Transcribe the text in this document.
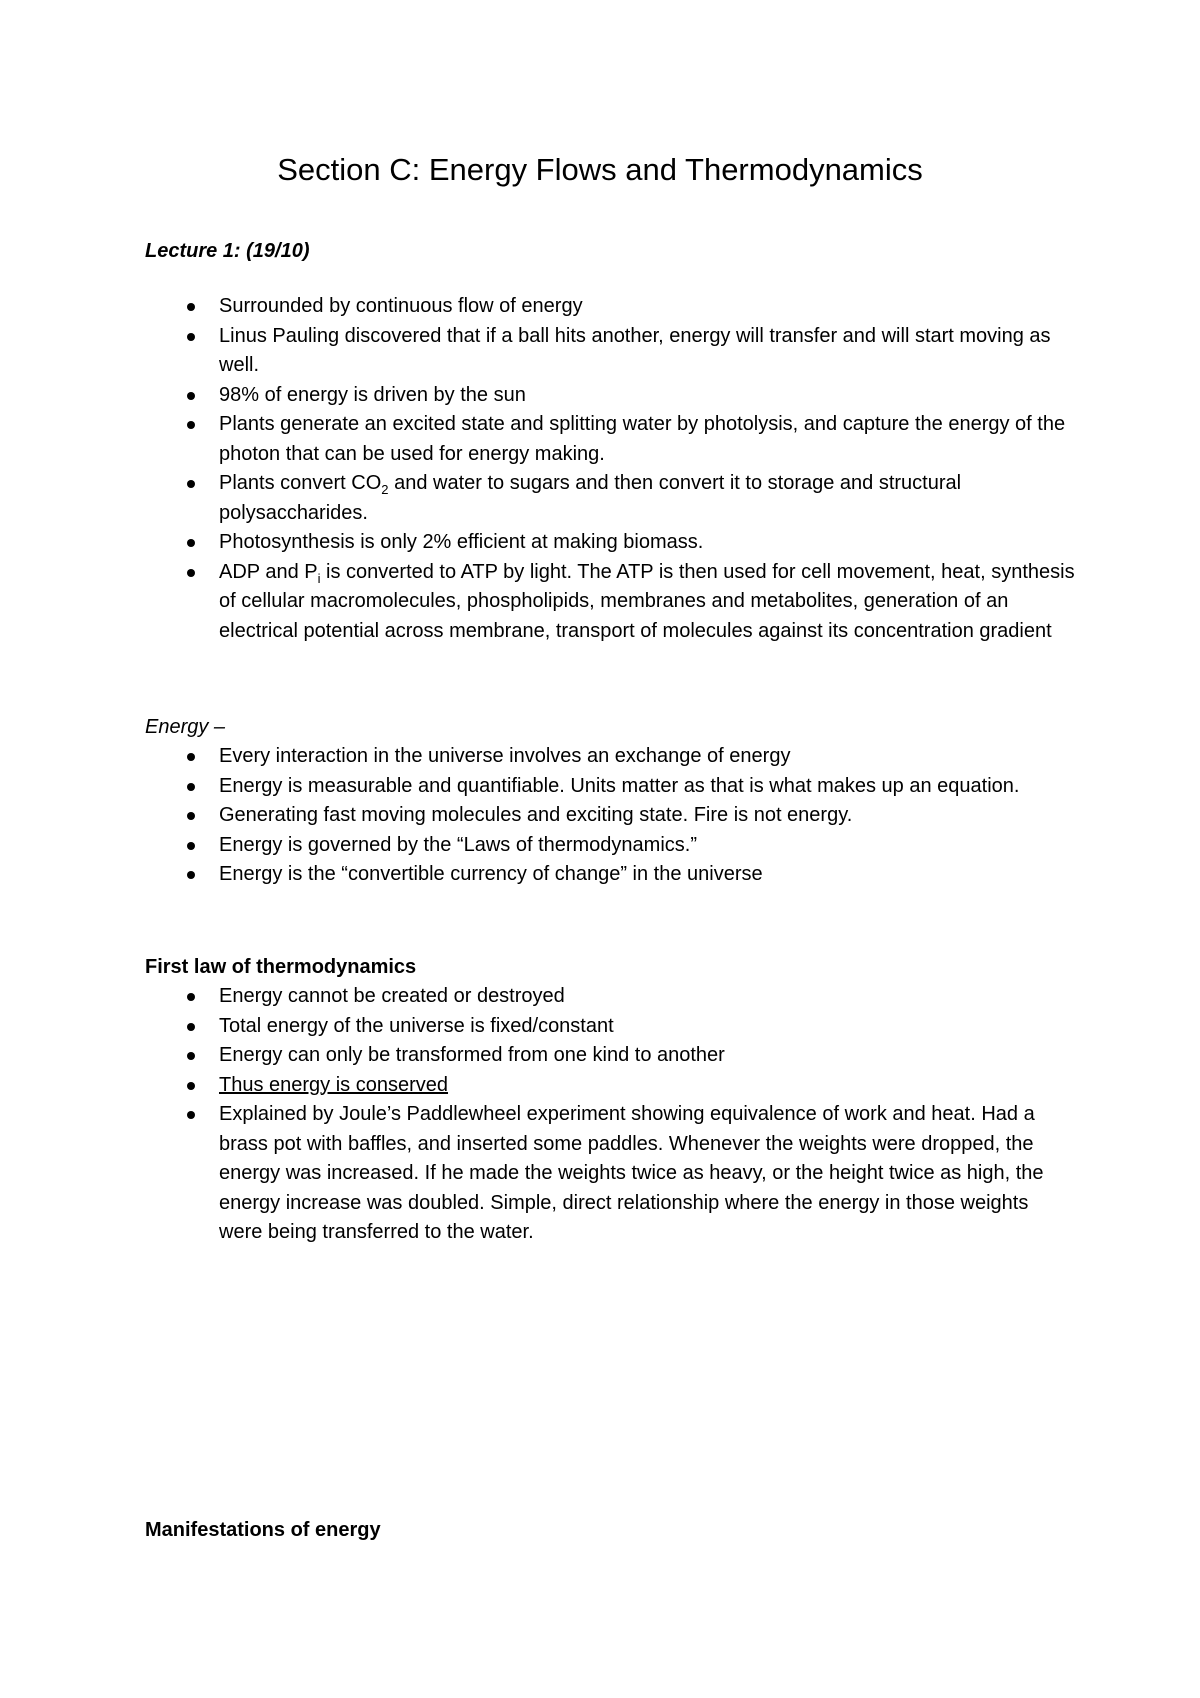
Section C: Energy Flows and Thermodynamics
Lecture 1: (19/10)
Surrounded by continuous flow of energy
Linus Pauling discovered that if a ball hits another, energy will transfer and will start moving as well.
98% of energy is driven by the sun
Plants generate an excited state and splitting water by photolysis, and capture the energy of the photon that can be used for energy making.
Plants convert $CO_2$ and water to sugars and then convert it to storage and structural polysaccharides.
Photosynthesis is only 2% efficient at making biomass.
ADP and $P_i$ is converted to ATP by light. The ATP is then used for cell movement, heat, synthesis of cellular macromolecules, phospholipids, membranes and metabolites, generation of an electrical potential across membrane, transport of molecules against its concentration gradient
Energy –
Every interaction in the universe involves an exchange of energy
Energy is measurable and quantifiable. Units matter as that is what makes up an equation.
Generating fast moving molecules and exciting state. Fire is not energy.
Energy is governed by the “Laws of thermodynamics.”
Energy is the “convertible currency of change” in the universe
First law of thermodynamics
Energy cannot be created or destroyed
Total energy of the universe is fixed/constant
Energy can only be transformed from one kind to another
Thus energy is conserved
Explained by Joule’s Paddlewheel experiment showing equivalence of work and heat. Had a brass pot with baffles, and inserted some paddles. Whenever the weights were dropped, the energy was increased. If he made the weights twice as heavy, or the height twice as high, the energy increase was doubled. Simple, direct relationship where the energy in those weights were being transferred to the water.
Manifestations of energy
